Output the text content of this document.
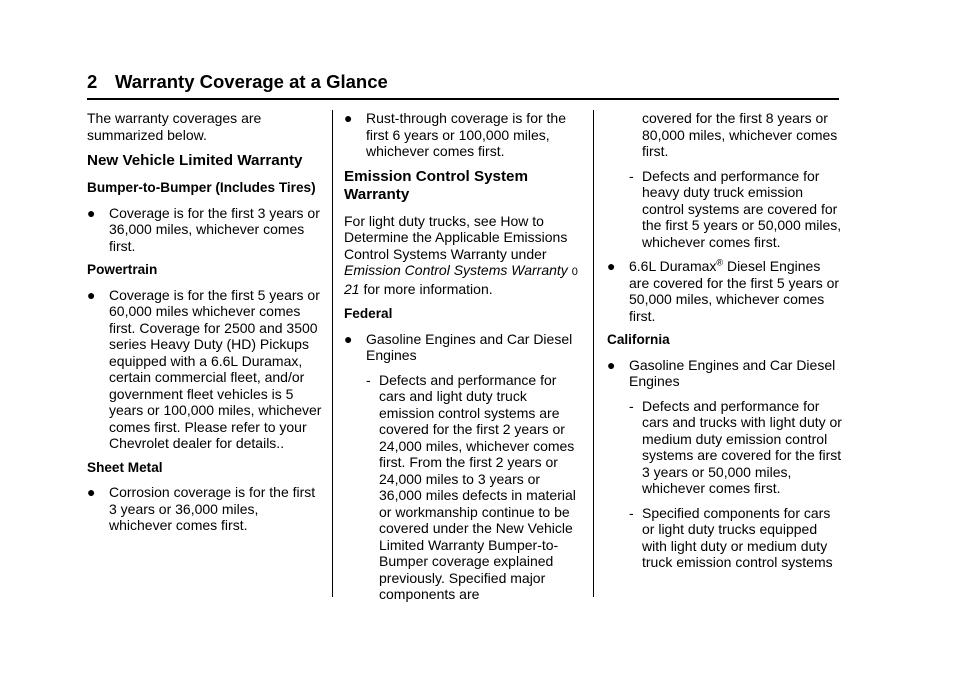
2 Warranty Coverage at a Glance

The warranty coverages are summarized below.

New Vehicle Limited Warranty

Bumper-to-Bumper (Includes Tires)

● Coverage is for the first 3 years or 36,000 miles, whichever comes first.

Powertrain

● Coverage is for the first 5 years or 60,000 miles whichever comes first. Coverage for 2500 and 3500 series Heavy Duty (HD) Pickups equipped with a 6.6L Duramax, certain commercial fleet, and/or government fleet vehicles is 5 years or 100,000 miles, whichever comes first. Please refer to your Chevrolet dealer for details..

Sheet Metal

● Corrosion coverage is for the first 3 years or 36,000 miles, whichever comes first.
● Rust-through coverage is for the first 6 years or 100,000 miles, whichever comes first.

Emission Control System Warranty

For light duty trucks, see How to Determine the Applicable Emissions Control Systems Warranty under Emission Control Systems Warranty 0 21 for more information.

Federal

● Gasoline Engines and Car Diesel Engines
- Defects and performance for cars and light duty truck emission control systems are covered for the first 2 years or 24,000 miles, whichever comes first. From the first 2 years or 24,000 miles to 3 years or 36,000 miles defects in material or workmanship continue to be covered under the New Vehicle Limited Warranty Bumper-to-Bumper coverage explained previously. Specified major components are

covered for the first 8 years or 80,000 miles, whichever comes first.

- Defects and performance for heavy duty truck emission control systems are covered for the first 5 years or 50,000 miles, whichever comes first.
● 6.6L Duramax® Diesel Engines are covered for the first 5 years or 50,000 miles, whichever comes first.

California

● Gasoline Engines and Car Diesel Engines
- Defects and performance for cars and trucks with light duty or medium duty emission control systems are covered for the first 3 years or 50,000 miles, whichever comes first.
- Specified components for cars or light duty trucks equipped with light duty or medium duty truck emission control systems
